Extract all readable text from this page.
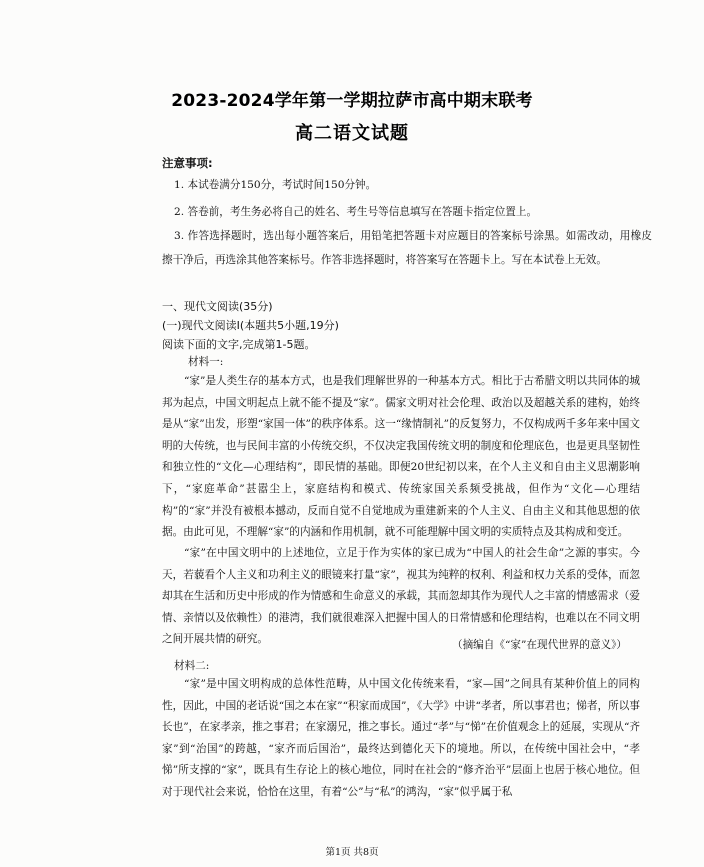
2023-2024学年第一学期拉萨市高中期末联考
高二语文试题
注意事项:
1. 本试卷满分150分，考试时间150分钟。
2. 答卷前，考生务必将自己的姓名、考生号等信息填写在答题卡指定位置上。
3. 作答选择题时，选出每小题答案后，用铅笔把答题卡对应题目的答案标号涂黑。如需改动，用橡皮擦干净后，再选涂其他答案标号。作答非选择题时，将答案写在答题卡上。写在本试卷上无效。
一、现代文阅读(35分)
(一)现代文阅读Ⅰ(本题共5小题,19分)
阅读下面的文字,完成第1-5题。
材料一:
“家”是人类生存的基本方式，也是我们理解世界的一种基本方式。相比于古希腊文明以共同体的城邦为起点，中国文明起点上就不能不提及“家”。儒家文明对社会伦理、政治以及超越关系的建构，始终是从“家”出发，形塑“家国一体”的秩序体系。这一“缘情制礼”的反复努力，不仅构成两千多年来中国文明的大传统，也与民间丰富的小传统交织，不仅决定我国传统文明的制度和伦理底色，也是更具坚韧性和独立性的“文化—心理结构”，即民情的基础。即便20世纪初以来，在个人主义和自由主义思潮影响下，“家庭革命”甚嚣尘上，家庭结构和模式、传统家国关系频受挑战，但作为“文化—心理结构”的“家”并没有被根本撼动，反而自觉不自觉地成为重建新来的个人主义、自由主义和其他思想的依据。由此可见，不理解“家”的内涵和作用机制，就不可能理解中国文明的实质特点及其构成和变迁。
“家”在中国文明中的上述地位，立足于作为实体的家已成为“中国人的社会生命”之源的事实。今天，若藐看个人主义和功利主义的眼镜来打量“家”，视其为纯粹的权利、利益和权力关系的受体，而忽却其在生活和历史中形成的作为情感和生命意义的承载，其而忽却其作为现代人之丰富的情感需求（爱情、亲情以及依赖性）的港湾，我们就很难深入把握中国人的日常情感和伦理结构，也难以在不同文明之间开展共情的研究。	（摘编自《“家”在现代世界的意义》）
材料二:
“家”是中国文明构成的总体性范畴，从中国文化传统来看，“家—国”之间具有某种价值上的同构性，因此，中国的老话说“国之本在家”“积家而成国”，《大学》中讲“孝者，所以事君也；悌者，所以事长也”，在家孝亲，推之事君；在家溺兄，推之事长。通过“孝”与“悌”在价值观念上的延展，实现从“齐家”到“治国”的跨越，“家齐而后国治”，最终达到德化天下的境地。所以，在传统中国社会中，“孝悌”所支撑的“家”，既具有生存论上的核心地位，同时在社会的“修齐治平”层面上也居于核心地位。但对于现代社会来说，恰恰在这里，有着“公”与“私”的鸿沟，“家”似乎属于私
第1页 共8页
